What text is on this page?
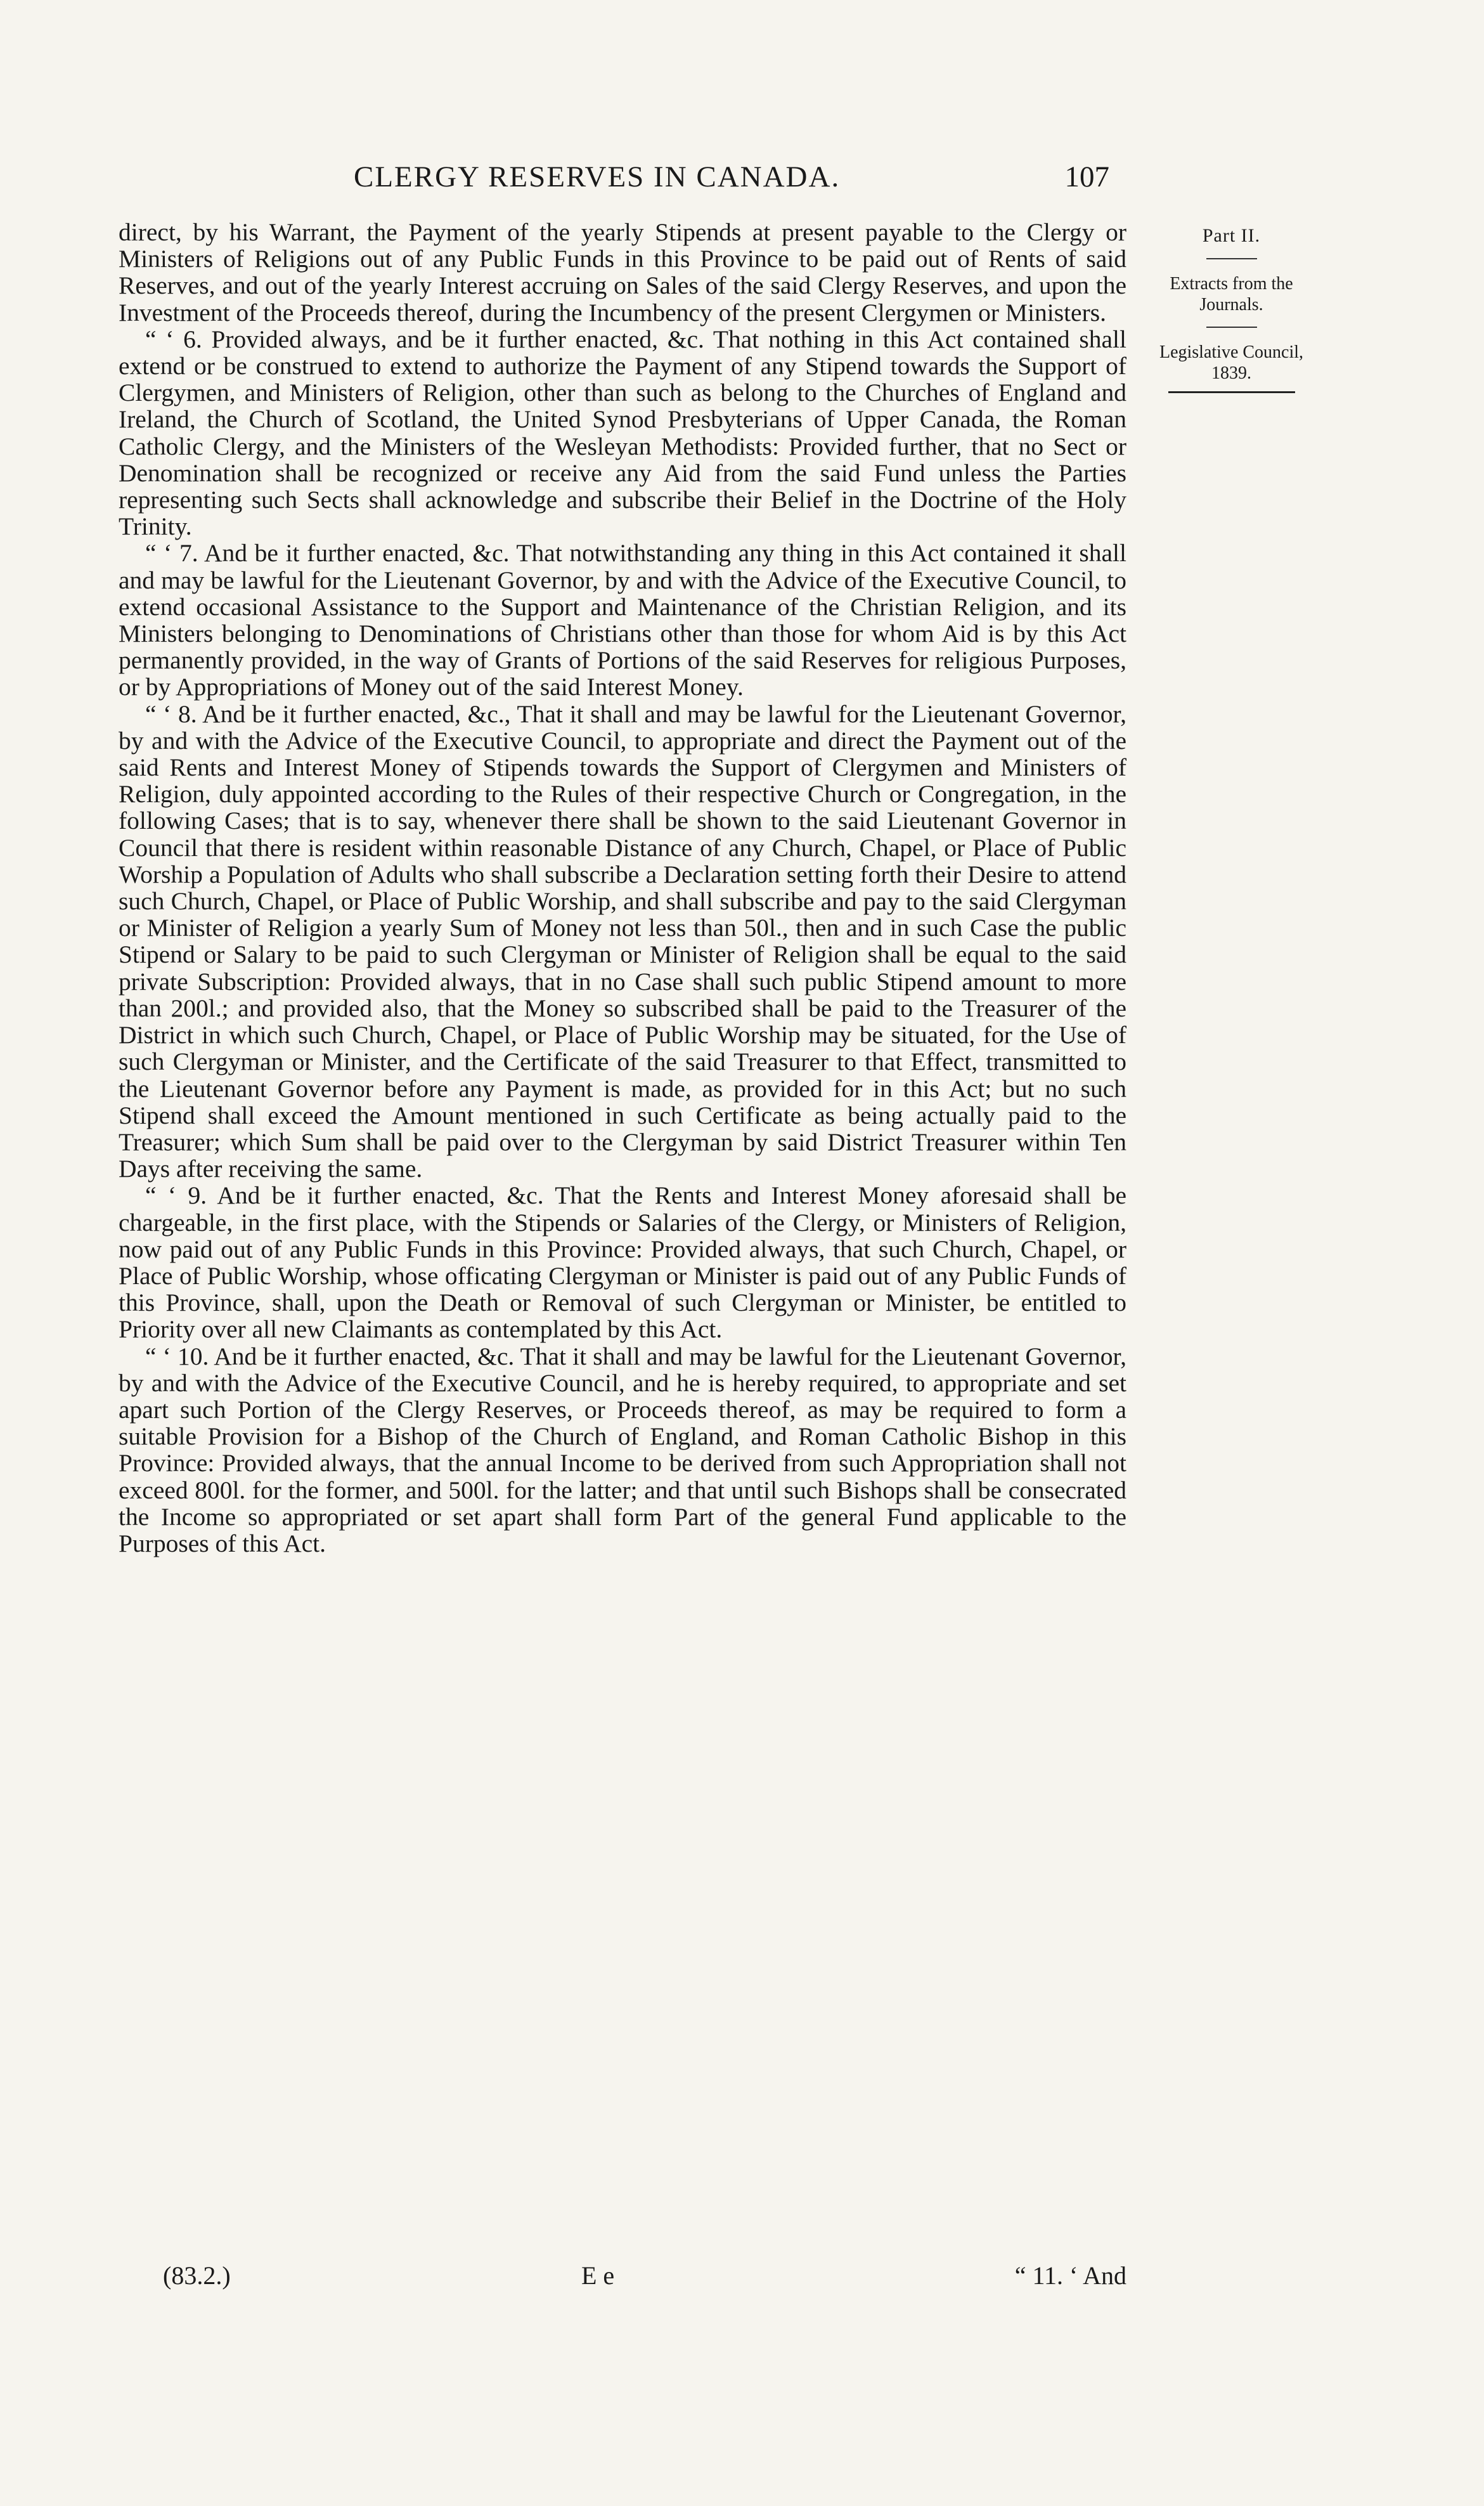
CLERGY RESERVES IN CANADA.	107

direct, by his Warrant, the Payment of the yearly Stipends at present payable to the Clergy or Ministers of Religions out of any Public Funds in this Province to be paid out of Rents of said Reserves, and out of the yearly Interest accruing on Sales of the said Clergy Reserves, and upon the Investment of the Proceeds thereof, during the Incumbency of the present Clergymen or Ministers.

“ ‘ 6. Provided always, and be it further enacted, &c. That nothing in this Act contained shall extend or be construed to extend to authorize the Payment of any Stipend towards the Support of Clergymen, and Ministers of Religion, other than such as belong to the Churches of England and Ireland, the Church of Scotland, the United Synod Presbyterians of Upper Canada, the Roman Catholic Clergy, and the Ministers of the Wesleyan Methodists: Provided further, that no Sect or Denomination shall be recognized or receive any Aid from the said Fund unless the Parties representing such Sects shall acknowledge and subscribe their Belief in the Doctrine of the Holy Trinity.

“ ‘ 7. And be it further enacted, &c. That notwithstanding any thing in this Act contained it shall and may be lawful for the Lieutenant Governor, by and with the Advice of the Executive Council, to extend occasional Assistance to the Support and Maintenance of the Christian Religion, and its Ministers belonging to Denominations of Christians other than those for whom Aid is by this Act permanently provided, in the way of Grants of Portions of the said Reserves for religious Purposes, or by Appropriations of Money out of the said Interest Money.

“ ‘ 8. And be it further enacted, &c., That it shall and may be lawful for the Lieutenant Governor, by and with the Advice of the Executive Council, to appropriate and direct the Payment out of the said Rents and Interest Money of Stipends towards the Support of Clergymen and Ministers of Religion, duly appointed according to the Rules of their respective Church or Congregation, in the following Cases; that is to say, whenever there shall be shown to the said Lieutenant Governor in Council that there is resident within reasonable Distance of any Church, Chapel, or Place of Public Worship a Population of Adults who shall subscribe a Declaration setting forth their Desire to attend such Church, Chapel, or Place of Public Worship, and shall subscribe and pay to the said Clergyman or Minister of Religion a yearly Sum of Money not less than 50l., then and in such Case the public Stipend or Salary to be paid to such Clergyman or Minister of Religion shall be equal to the said private Subscription: Provided always, that in no Case shall such public Stipend amount to more than 200l.; and provided also, that the Money so subscribed shall be paid to the Treasurer of the District in which such Church, Chapel, or Place of Public Worship may be situated, for the Use of such Clergyman or Minister, and the Certificate of the said Treasurer to that Effect, transmitted to the Lieutenant Governor before any Payment is made, as provided for in this Act; but no such Stipend shall exceed the Amount mentioned in such Certificate as being actually paid to the Treasurer; which Sum shall be paid over to the Clergyman by said District Treasurer within Ten Days after receiving the same.

“ ‘ 9. And be it further enacted, &c. That the Rents and Interest Money aforesaid shall be chargeable, in the first place, with the Stipends or Salaries of the Clergy, or Ministers of Religion, now paid out of any Public Funds in this Province: Provided always, that such Church, Chapel, or Place of Public Worship, whose officating Clergyman or Minister is paid out of any Public Funds of this Province, shall, upon the Death or Removal of such Clergyman or Minister, be entitled to Priority over all new Claimants as contemplated by this Act.

“ ‘ 10. And be it further enacted, &c. That it shall and may be lawful for the Lieutenant Governor, by and with the Advice of the Executive Council, and he is hereby required, to appropriate and set apart such Portion of the Clergy Reserves, or Proceeds thereof, as may be required to form a suitable Provision for a Bishop of the Church of England, and Roman Catholic Bishop in this Province: Provided always, that the annual Income to be derived from such Appropriation shall not exceed 800l. for the former, and 500l. for the latter; and that until such Bishops shall be consecrated the Income so appropriated or set apart shall form Part of the general Fund applicable to the Purposes of this Act.

Part II.

Extracts from the Journals.

Legislative Council,

1839.

(83.2.)	E e	“ 11. ‘ And
